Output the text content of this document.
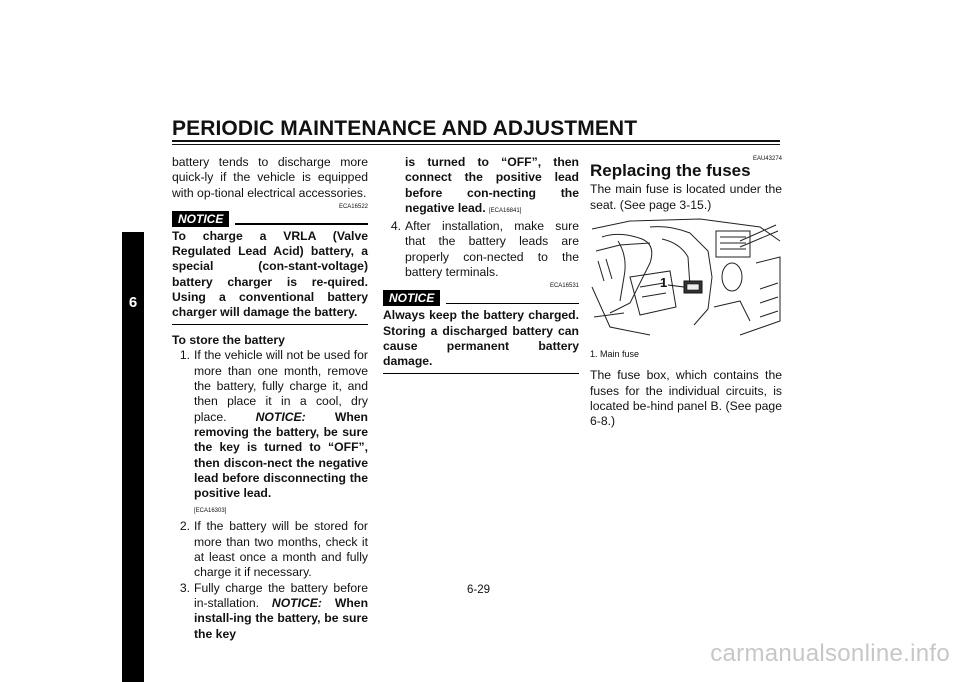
PERIODIC MAINTENANCE AND ADJUSTMENT
6

battery tends to discharge more quick-ly if the vehicle is equipped with op-tional electrical accessories.

ECA16522
NOTICE

To charge a VRLA (Valve Regulated Lead Acid) battery, a special (con-stant-voltage) battery charger is re-quired. Using a conventional battery charger will damage the battery.

To store the battery

1. If the vehicle will not be used for more than one month, remove the battery, fully charge it, and then place it in a cool, dry place. NOTICE: When removing the battery, be sure the key is turned to “OFF”, then discon-nect the negative lead before disconnecting the positive lead.
[ECA16303]
2. If the battery will be stored for more than two months, check it at least once a month and fully charge it if necessary.
3. Fully charge the battery before in-stallation. NOTICE: When install-ing the battery, be sure the key
is turned to “OFF”, then connect the positive lead before con-necting the negative lead. [ECA16841]
4. After installation, make sure that the battery leads are properly con-nected to the battery terminals.
ECA16531
NOTICE

Always keep the battery charged. Storing a discharged battery can cause permanent battery damage.

EAU43274
Replacing the fuses

The main fuse is located under the seat. (See page 3-15.)

1

1. Main fuse

The fuse box, which contains the fuses for the individual circuits, is located be-hind panel B. (See page 6-8.)

6-29
carmanualsonline.info
